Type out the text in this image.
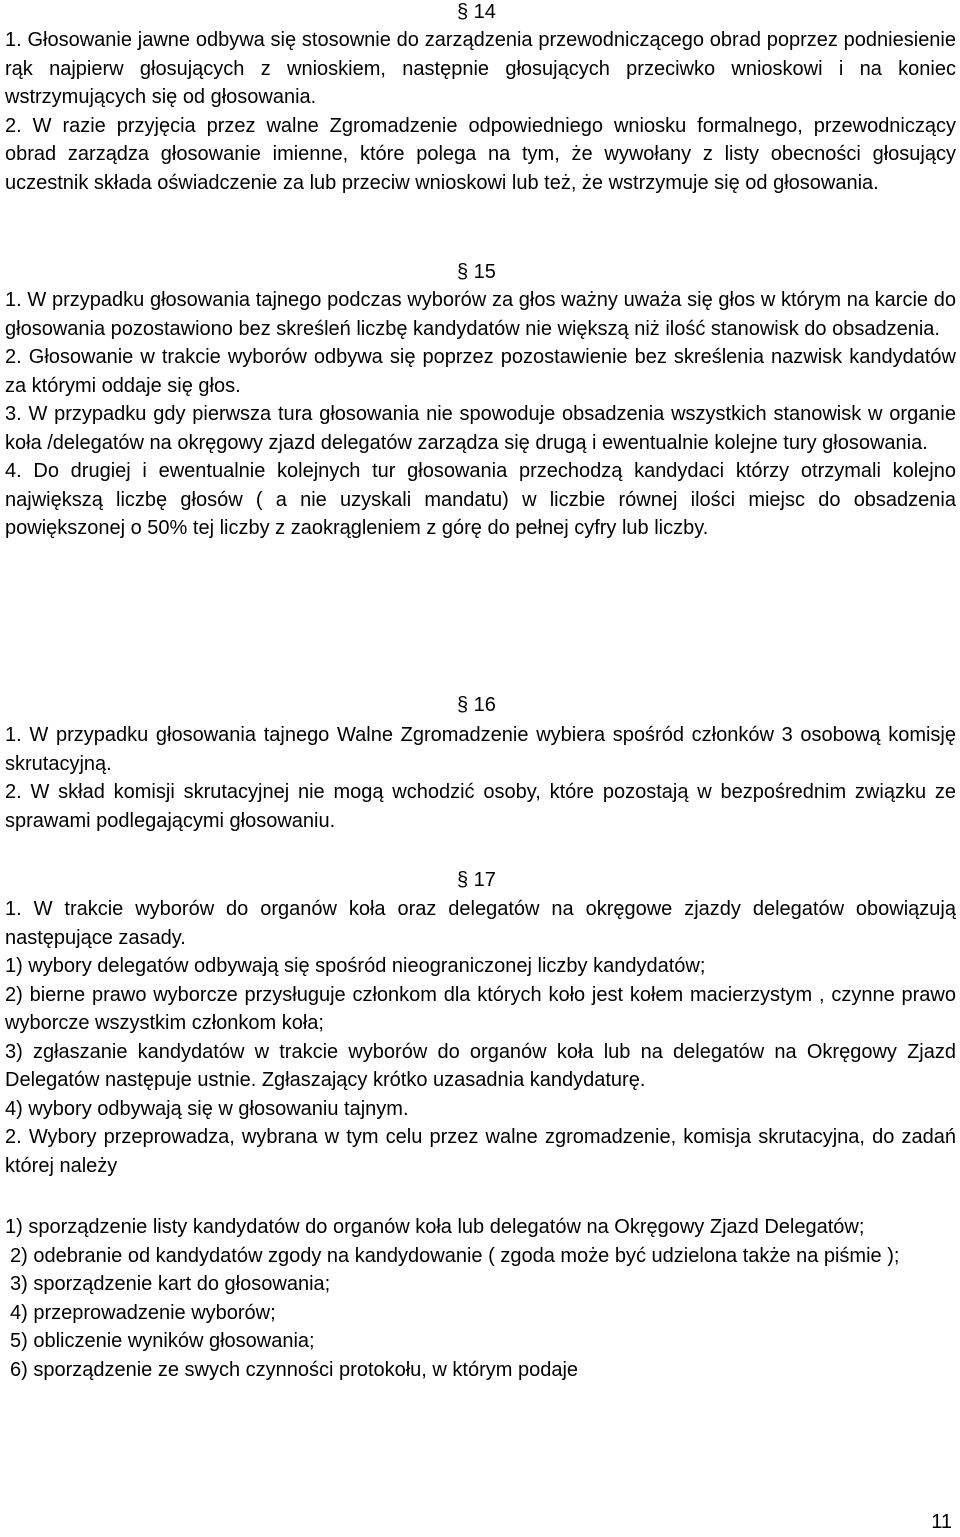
§ 14

1. Głosowanie jawne odbywa się stosownie do zarządzenia przewodniczącego obrad poprzez podniesienie rąk najpierw głosujących z wnioskiem, następnie głosujących przeciwko wnioskowi i na koniec wstrzymujących się od głosowania.

2. W razie przyjęcia przez walne Zgromadzenie odpowiedniego wniosku formalnego, przewodniczący obrad zarządza głosowanie imienne, które polega na tym, że wywołany z listy obecności głosujący uczestnik składa oświadczenie za lub przeciw wnioskowi lub też, że wstrzymuje się od głosowania.

§ 15

1. W przypadku głosowania tajnego podczas wyborów za głos ważny uważa się głos w którym na karcie do głosowania pozostawiono bez skreśleń liczbę kandydatów nie większą niż ilość stanowisk do obsadzenia.

2. Głosowanie w trakcie wyborów odbywa się poprzez pozostawienie bez skreślenia nazwisk kandydatów za którymi oddaje się głos.

3. W przypadku gdy pierwsza tura głosowania nie spowoduje obsadzenia wszystkich stanowisk w organie koła /delegatów na okręgowy zjazd delegatów zarządza się drugą i ewentualnie kolejne tury głosowania.

4. Do drugiej i ewentualnie kolejnych tur głosowania przechodzą kandydaci którzy otrzymali kolejno największą liczbę głosów ( a nie uzyskali mandatu) w liczbie równej ilości miejsc do obsadzenia powiększonej o 50% tej liczby z zaokrągleniem z górę do pełnej cyfry lub liczby.

§ 16

1. W przypadku głosowania tajnego Walne Zgromadzenie wybiera spośród członków 3 osobową komisję skrutacyjną.

2. W skład komisji skrutacyjnej nie mogą wchodzić osoby, które pozostają w bezpośrednim związku ze sprawami podlegającymi głosowaniu.

§ 17

1. W trakcie wyborów do organów koła oraz delegatów na okręgowe zjazdy delegatów obowiązują następujące zasady.

1) wybory delegatów odbywają się spośród nieograniczonej liczby kandydatów;

2) bierne prawo wyborcze przysługuje członkom dla których koło jest kołem macierzystym , czynne prawo wyborcze wszystkim członkom koła;

3) zgłaszanie kandydatów w trakcie wyborów do organów koła lub na delegatów na Okręgowy Zjazd Delegatów następuje ustnie. Zgłaszający krótko uzasadnia kandydaturę.

4) wybory odbywają się w głosowaniu tajnym.

2. Wybory przeprowadza, wybrana w tym celu przez walne zgromadzenie, komisja skrutacyjna, do zadań której należy

1) sporządzenie listy kandydatów do organów koła lub delegatów na Okręgowy Zjazd Delegatów;

2) odebranie od kandydatów zgody na kandydowanie ( zgoda może być udzielona także na piśmie );

3) sporządzenie kart do głosowania;

4) przeprowadzenie wyborów;

5) obliczenie wyników głosowania;

6) sporządzenie ze swych czynności protokołu, w którym podaje

11
